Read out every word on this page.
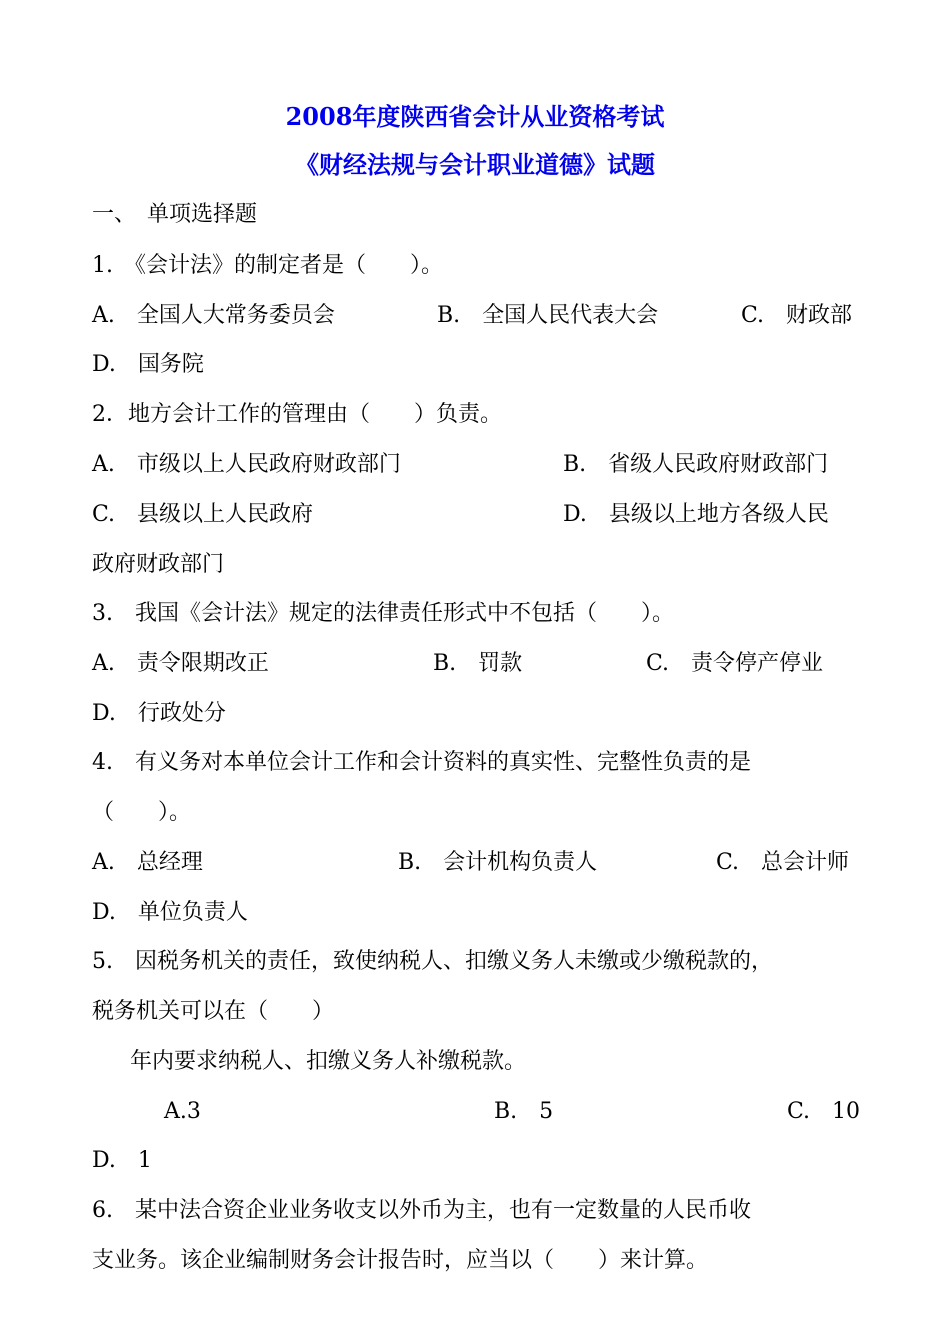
2008年度陕西省会计从业资格考试
《财经法规与会计职业道德》试题
一、　单项选择题
1.　《会计法》的制定者是（　　）。
A.　全国人大常务委员会	B.　全国人民代表大会	C.　财政部
D.　国务院
2．地方会计工作的管理由（　　）负责。
A.　市级以上人民政府财政部门	B.　省级人民政府财政部门
C.　县级以上人民政府	D.　县级以上地方各级人民
政府财政部门
3.　我国《会计法》规定的法律责任形式中不包括（　　）。
A.　责令限期改正	B.　罚款	C.　责令停产停业
D.　行政处分
4.　有义务对本单位会计工作和会计资料的真实性、完整性负责的是
（　　）。
A.　总经理	B.　会计机构负责人	C.　总会计师
D.　单位负责人
5.　因税务机关的责任，致使纳税人、扣缴义务人未缴或少缴税款的，
税务机关可以在（　　）
年内要求纳税人、扣缴义务人补缴税款。
A.3	B.　5	C.　10
D.　1
6.　某中法合资企业业务收支以外币为主，也有一定数量的人民币收
支业务。该企业编制财务会计报告时，应当以（　　）来计算。
